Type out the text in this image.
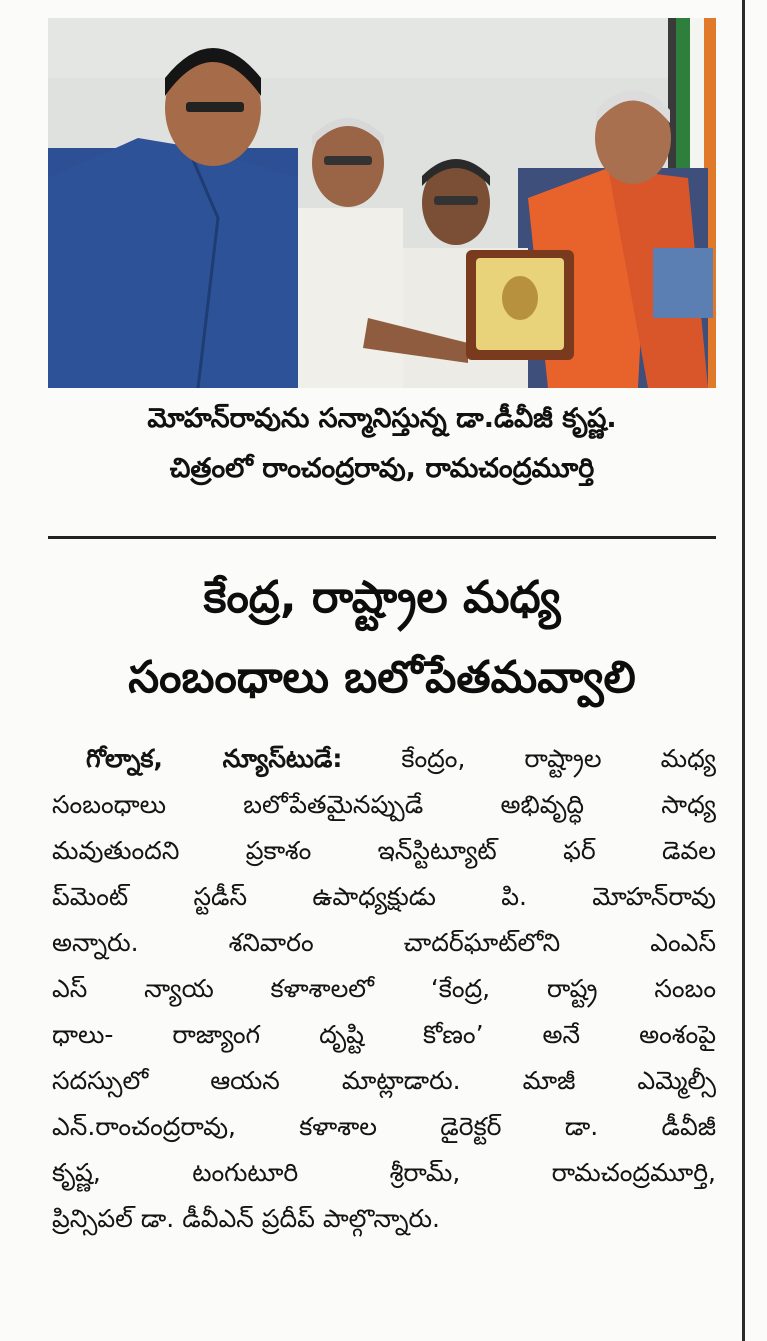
మోహన్‌రావును సన్మానిస్తున్న డా.డీవీజీ కృష్ణ.
చిత్రంలో రాంచంద్రరావు, రామచంద్రమూర్తి
కేంద్ర, రాష్ట్రాల మధ్య
సంబంధాలు బలోపేతమవ్వాలి
గోల్నాక, న్యూస్‌టుడే: కేంద్రం, రాష్ట్రాల మధ్య
సంబంధాలు బలోపేతమైనప్పుడే అభివృద్ధి సాధ్య
మవుతుందని ప్రకాశం ఇన్‌స్టిట్యూట్ ఫర్ డెవల
ప్‌మెంట్ స్టడీస్ ఉపాధ్యక్షుడు పి. మోహన్‌రావు
అన్నారు. శనివారం చాదర్‌ఘాట్‌లోని ఎంఎస్
ఎస్ న్యాయ కళాశాలలో ‘కేంద్ర, రాష్ట్ర సంబం
ధాలు- రాజ్యాంగ దృష్టి కోణం’ అనే అంశంపై
సదస్సులో ఆయన మాట్లాడారు. మాజీ ఎమ్మెల్సీ
ఎన్.రాంచంద్రరావు, కళాశాల డైరెక్టర్ డా. డీవీజీ
కృష్ణ, టంగుటూరి శ్రీరామ్, రామచంద్రమూర్తి,
ప్రిన్సిపల్ డా. డీవీఎన్ ప్రదీప్ పాల్గొన్నారు.
